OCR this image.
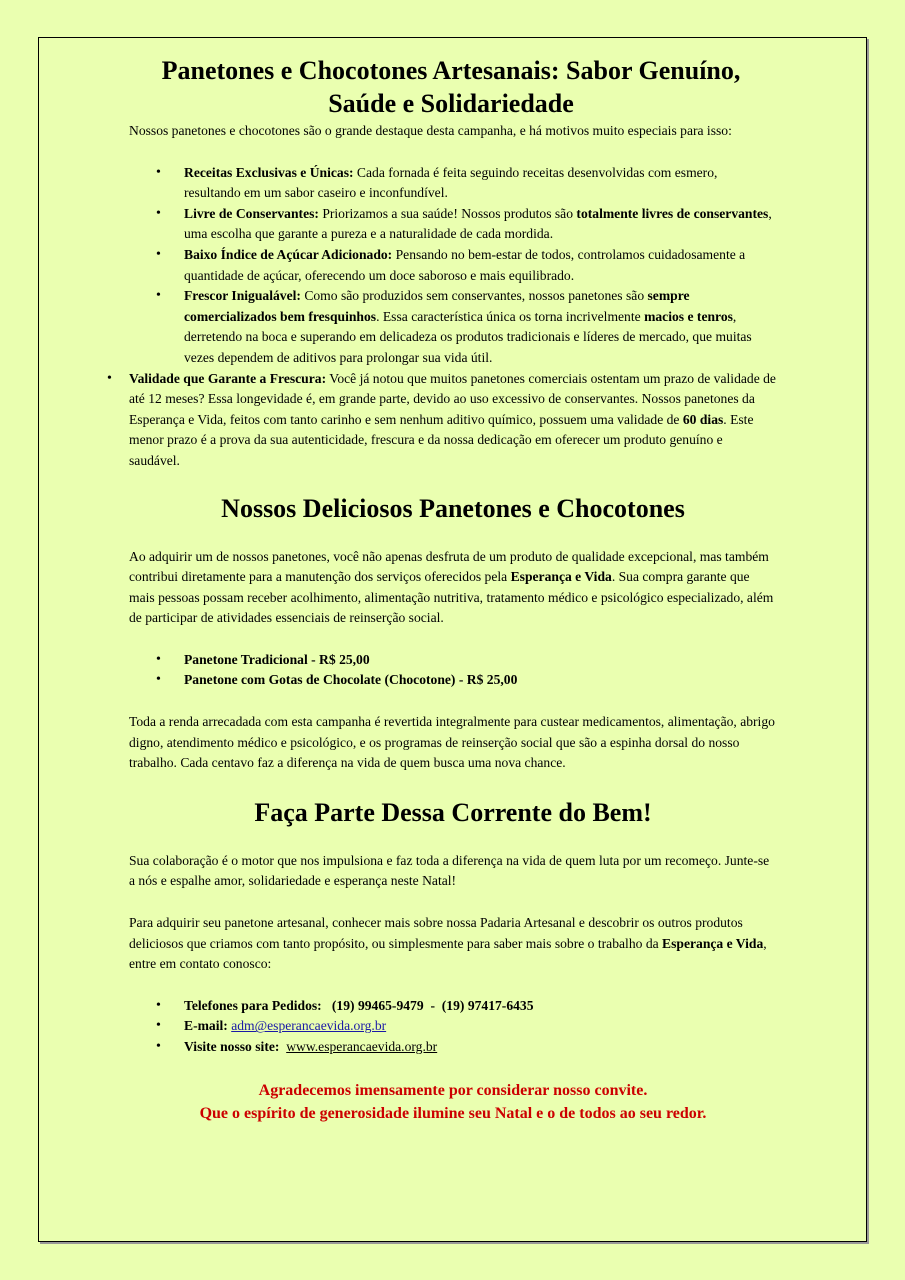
Panetones e Chocotones Artesanais: Sabor Genuíno,
Saúde e Solidariedade

Nossos panetones e chocotones são o grande destaque desta campanha, e há motivos muito especiais para isso:

• Receitas Exclusivas e Únicas: Cada fornada é feita seguindo receitas desenvolvidas com esmero, resultando em um sabor caseiro e inconfundível.
• Livre de Conservantes: Priorizamos a sua saúde! Nossos produtos são totalmente livres de conservantes, uma escolha que garante a pureza e a naturalidade de cada mordida.
• Baixo Índice de Açúcar Adicionado: Pensando no bem-estar de todos, controlamos cuidadosamente a quantidade de açúcar, oferecendo um doce saboroso e mais equilibrado.
• Frescor Inigualável: Como são produzidos sem conservantes, nossos panetones são sempre comercializados bem fresquinhos. Essa característica única os torna incrivelmente macios e tenros, derretendo na boca e superando em delicadeza os produtos tradicionais e líderes de mercado, que muitas vezes dependem de aditivos para prolongar sua vida útil.
• Validade que Garante a Frescura: Você já notou que muitos panetones comerciais ostentam um prazo de validade de até 12 meses? Essa longevidade é, em grande parte, devido ao uso excessivo de conservantes. Nossos panetones da Esperança e Vida, feitos com tanto carinho e sem nenhum aditivo químico, possuem uma validade de 60 dias. Este menor prazo é a prova da sua autenticidade, frescura e da nossa dedicação em oferecer um produto genuíno e saudável.
Nossos Deliciosos Panetones e Chocotones

Ao adquirir um de nossos panetones, você não apenas desfruta de um produto de qualidade excepcional, mas também contribui diretamente para a manutenção dos serviços oferecidos pela Esperança e Vida. Sua compra garante que mais pessoas possam receber acolhimento, alimentação nutritiva, tratamento médico e psicológico especializado, além de participar de atividades essenciais de reinserção social.

• Panetone Tradicional - R$ 25,00
• Panetone com Gotas de Chocolate (Chocotone) - R$ 25,00

Toda a renda arrecadada com esta campanha é revertida integralmente para custear medicamentos, alimentação, abrigo digno, atendimento médico e psicológico, e os programas de reinserção social que são a espinha dorsal do nosso trabalho. Cada centavo faz a diferença na vida de quem busca uma nova chance.

Faça Parte Dessa Corrente do Bem!

Sua colaboração é o motor que nos impulsiona e faz toda a diferença na vida de quem luta por um recomeço. Junte-se a nós e espalhe amor, solidariedade e esperança neste Natal!

Para adquirir seu panetone artesanal, conhecer mais sobre nossa Padaria Artesanal e descobrir os outros produtos deliciosos que criamos com tanto propósito, ou simplesmente para saber mais sobre o trabalho da Esperança e Vida, entre em contato conosco:

• Telefones para Pedidos: (19) 99465-9479  -  (19) 97417-6435
• E-mail: adm@esperancaevida.org.br
• Visite nosso site: www.esperancaevida.org.br
Agradecemos imensamente por considerar nosso convite.
Que o espírito de generosidade ilumine seu Natal e o de todos ao seu redor.
